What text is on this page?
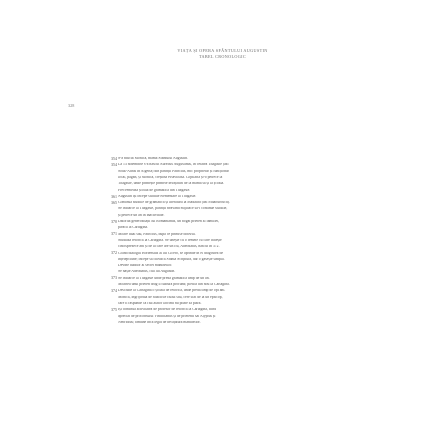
VIAȚA ȘI OPERA SFÂNTULUI AUGUSTIN
TABEL CRONOLOGIC
328
354 S-a născut Monica, mama Sfântului Augustin.
354 La 13 noiembrie s-a născut Aurelius Augustinus, în cetatea Thagaste (azi
Souk-Ahras în Algeria) din părinții Patricius, mic proprietar și funcționar
local, păgân, și Monica, creștină evlavioasă. Copilăria și-o petrece la
Thagaste, unde primește primele învățături de la mama sa și la școală.
Frecventează școala de gramatică din Thagaste.
361 Augustin își începe studiile elementare la Thagaste.
365 Continuă studiile de gramatică și literatură la Madaura (azi Mdaourouch).
Se întoarce la Thagaste, părinții neavând mijloace să-i continue studiile,
și petrece un an în inactivitate.
370 Datorită generozității lui Romanianus, un bogat prieten al familiei,
pleacă la Cartagina.
371 Moare tatăl său, Patricius, după ce primise botezul.
Studiază retorica la Cartagina. Se unește cu o femeie cu care trăiește
cincisprezece ani și de la care are un fiu, Adeodatus, născut în 372.
372 Citind dialogul Hortensius al lui Cicero, se aprinde în el dragostea de
înțelepciune; începe să citească Sfânta Scriptură, dar o găsește simplă.
Devine auditor al sectei maniheilor.
Se naște Adeodatus, fiul lui Augustin.
373 Se întoarce la Thagaste unde predă gramatica timp de un an.
Moartea unui prieten drag îl tulbură profund; pleacă din nou la Cartagina.
374 Deschide la Cartagina o școală de retorică, unde predă timp de opt ani.
Monica, îngrijorată de rătăcirile fiului său, cere sfat de la un episcop,
care îi răspunde că fiul atâtor lacrimi nu poate să piară.
375 Își continuă activitatea de profesor de retorică la Cartagina, fiind
apreciat de proconsulul Vindicianus și de prietenii săi Alypius și
Nebridius; rămâne încă legat de învățătura maniheilor.
